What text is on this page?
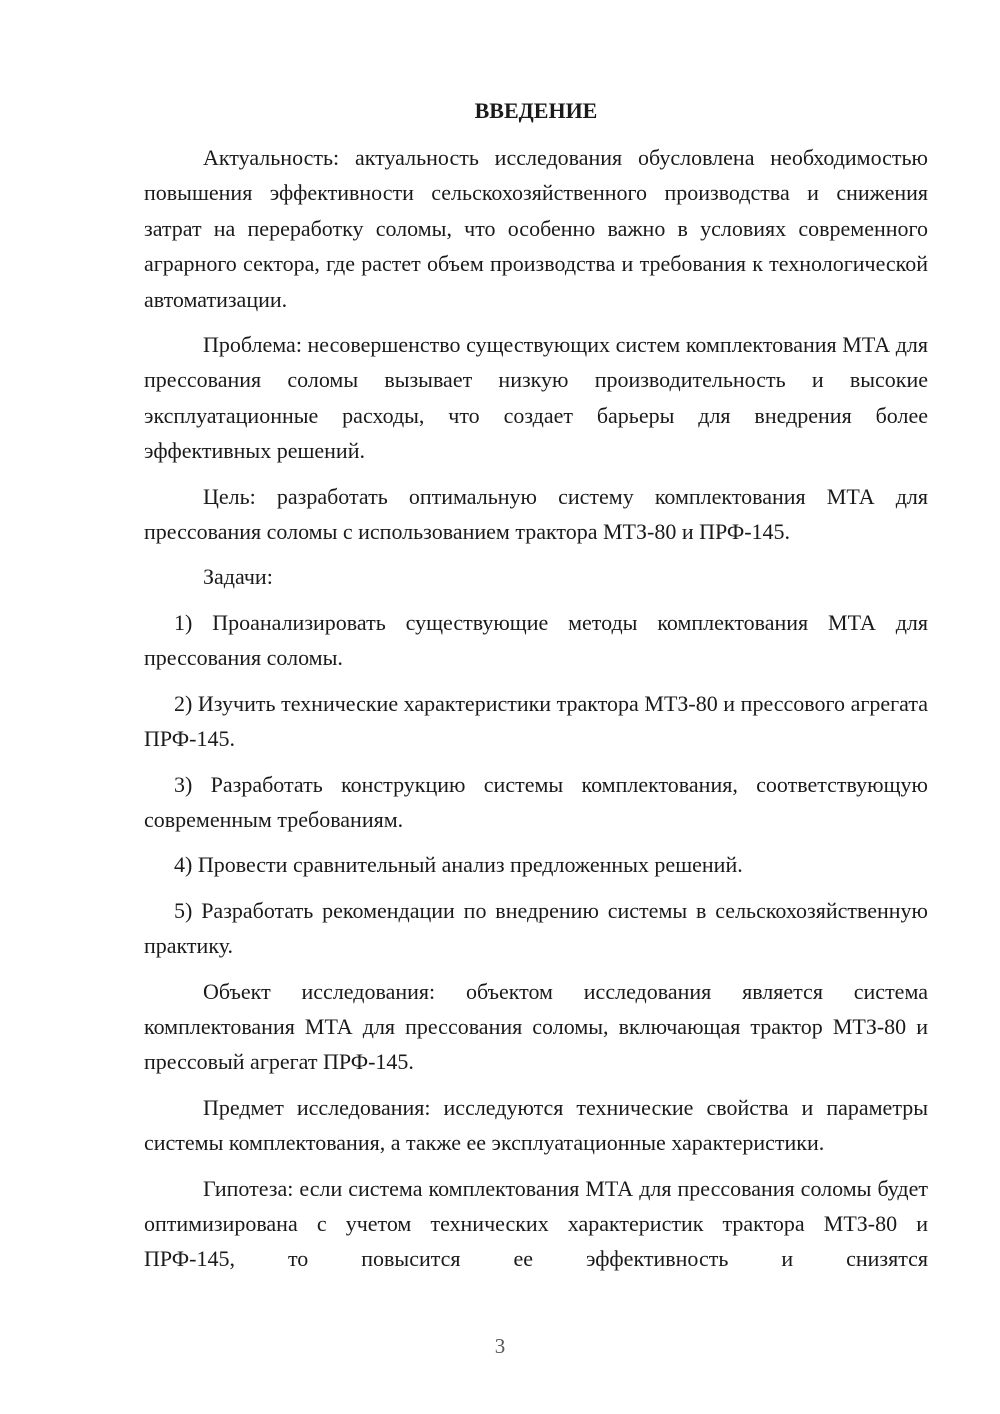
ВВЕДЕНИЕ

Актуальность: актуальность исследования обусловлена необходимостью повышения эффективности сельскохозяйственного производства и снижения затрат на переработку соломы, что особенно важно в условиях современного аграрного сектора, где растет объем производства и требования к технологической автоматизации.

Проблема: несовершенство существующих систем комплектования МТА для прессования соломы вызывает низкую производительность и высокие эксплуатационные расходы, что создает барьеры для внедрения более эффективных решений.

Цель: разработать оптимальную систему комплектования МТА для прессования соломы с использованием трактора МТЗ-80 и ПРФ-145.

Задачи:

1) Проанализировать существующие методы комплектования МТА для прессования соломы.

2) Изучить технические характеристики трактора МТЗ-80 и прессового агрегата ПРФ-145.

3) Разработать конструкцию системы комплектования, соответствующую современным требованиям.

4) Провести сравнительный анализ предложенных решений.

5) Разработать рекомендации по внедрению системы в сельскохозяйственную практику.

Объект исследования: объектом исследования является система комплектования МТА для прессования соломы, включающая трактор МТЗ-80 и прессовый агрегат ПРФ-145.

Предмет исследования: исследуются технические свойства и параметры системы комплектования, а также ее эксплуатационные характеристики.

Гипотеза: если система комплектования МТА для прессования соломы будет оптимизирована с учетом технических характеристик трактора МТЗ-80 и ПРФ-145, то повысится ее эффективность и снизятся

3
